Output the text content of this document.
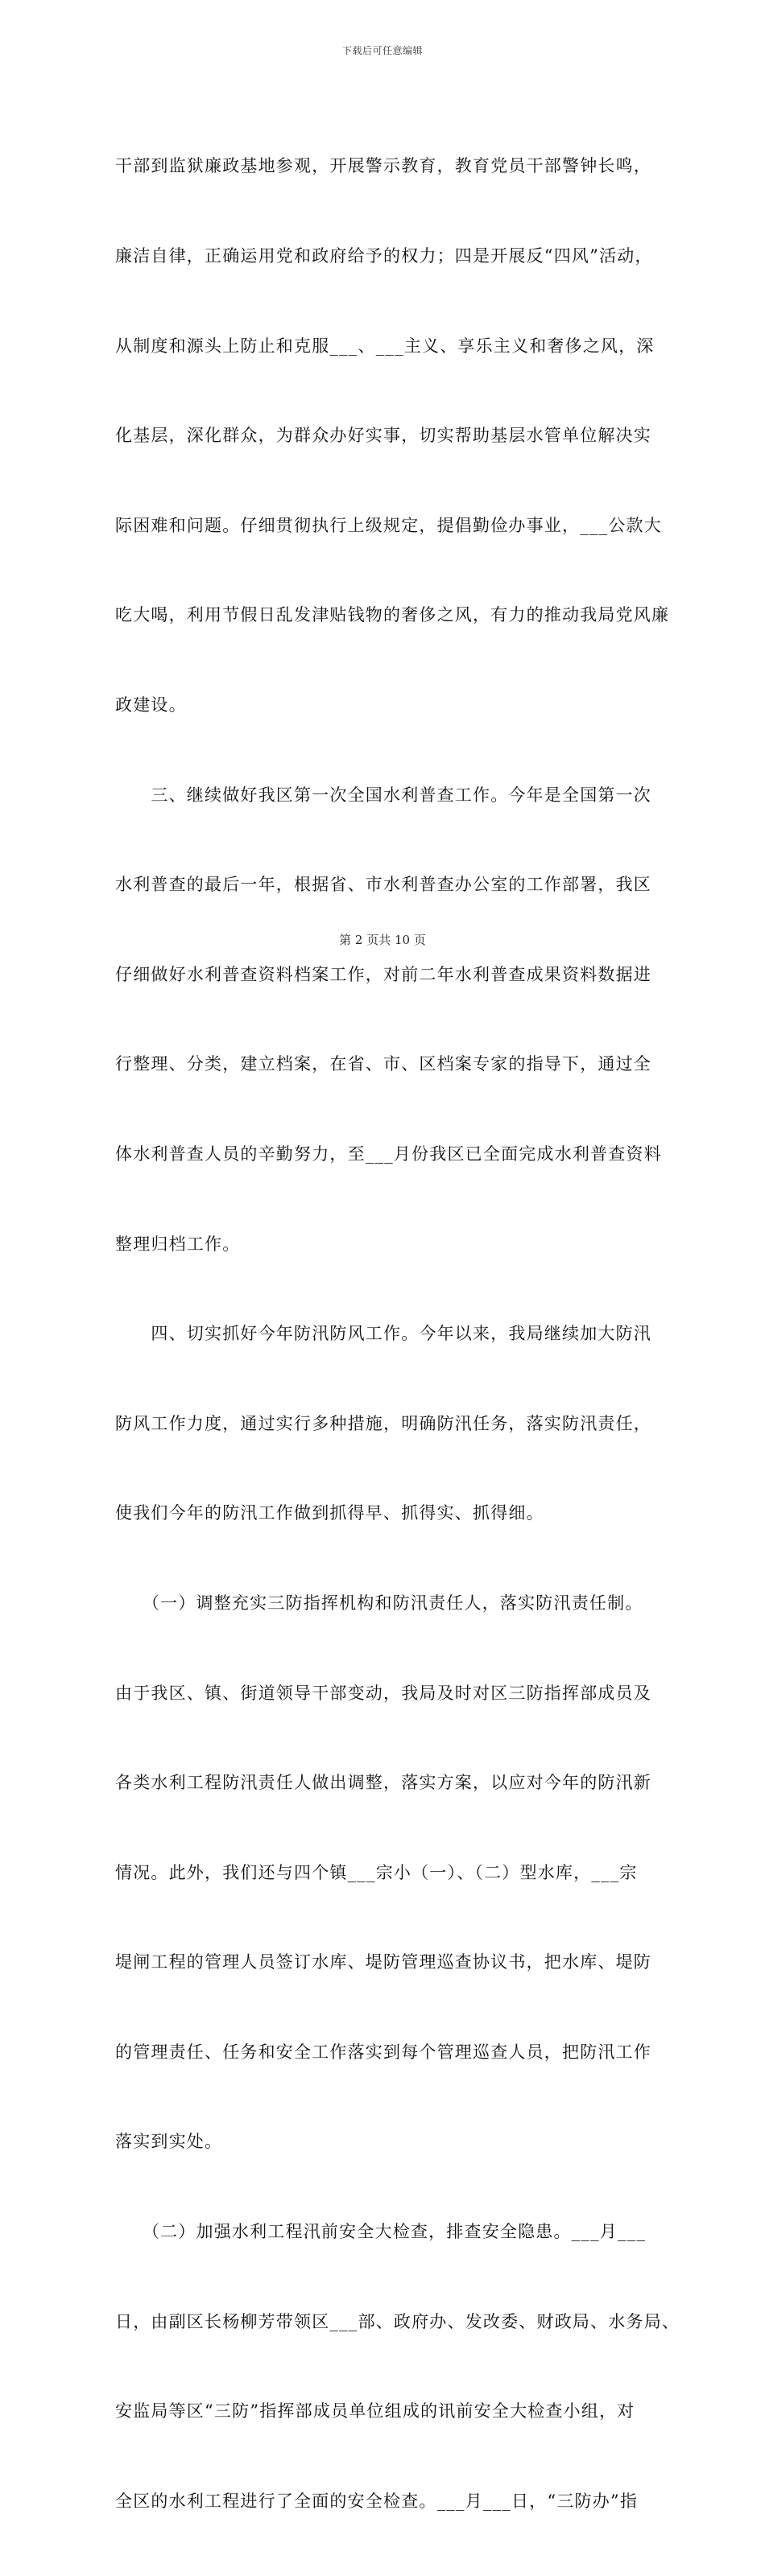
下载后可任意编辑

干部到监狱廉政基地参观，开展警示教育，教育党员干部警钟长鸣，

廉洁自律，正确运用党和政府给予的权力；四是开展反“四风”活动，

从制度和源头上防止和克服___、___主义、享乐主义和奢侈之风，深

化基层，深化群众，为群众办好实事，切实帮助基层水管单位解决实

际困难和问题。仔细贯彻执行上级规定，提倡勤俭办事业，___公款大

吃大喝，利用节假日乱发津贴钱物的奢侈之风，有力的推动我局党风廉

政建设。

　　三、继续做好我区第一次全国水利普查工作。今年是全国第一次

水利普查的最后一年，根据省、市水利普查办公室的工作部署，我区

仔细做好水利普查资料档案工作，对前二年水利普查成果资料数据进

行整理、分类，建立档案，在省、市、区档案专家的指导下，通过全

体水利普查人员的辛勤努力，至___月份我区已全面完成水利普查资料

整理归档工作。

　　四、切实抓好今年防汛防风工作。今年以来，我局继续加大防汛

防风工作力度，通过实行多种措施，明确防汛任务，落实防汛责任，

使我们今年的防汛工作做到抓得早、抓得实、抓得细。

　　（一）调整充实三防指挥机构和防汛责任人，落实防汛责任制。

由于我区、镇、街道领导干部变动，我局及时对区三防指挥部成员及

各类水利工程防汛责任人做出调整，落实方案，以应对今年的防汛新

情况。此外，我们还与四个镇___宗小（一）、（二）型水库，___宗

堤闸工程的管理人员签订水库、堤防管理巡查协议书，把水库、堤防

的管理责任、任务和安全工作落实到每个管理巡查人员，把防汛工作

落实到实处。

　　（二）加强水利工程汛前安全大检查，排查安全隐患。___月___

日，由副区长杨柳芳带领区___部、政府办、发改委、财政局、水务局、

安监局等区“三防”指挥部成员单位组成的讯前安全大检查小组，对

全区的水利工程进行了全面的安全检查。___月___日，“三防办”指

第 2 页共 10 页
